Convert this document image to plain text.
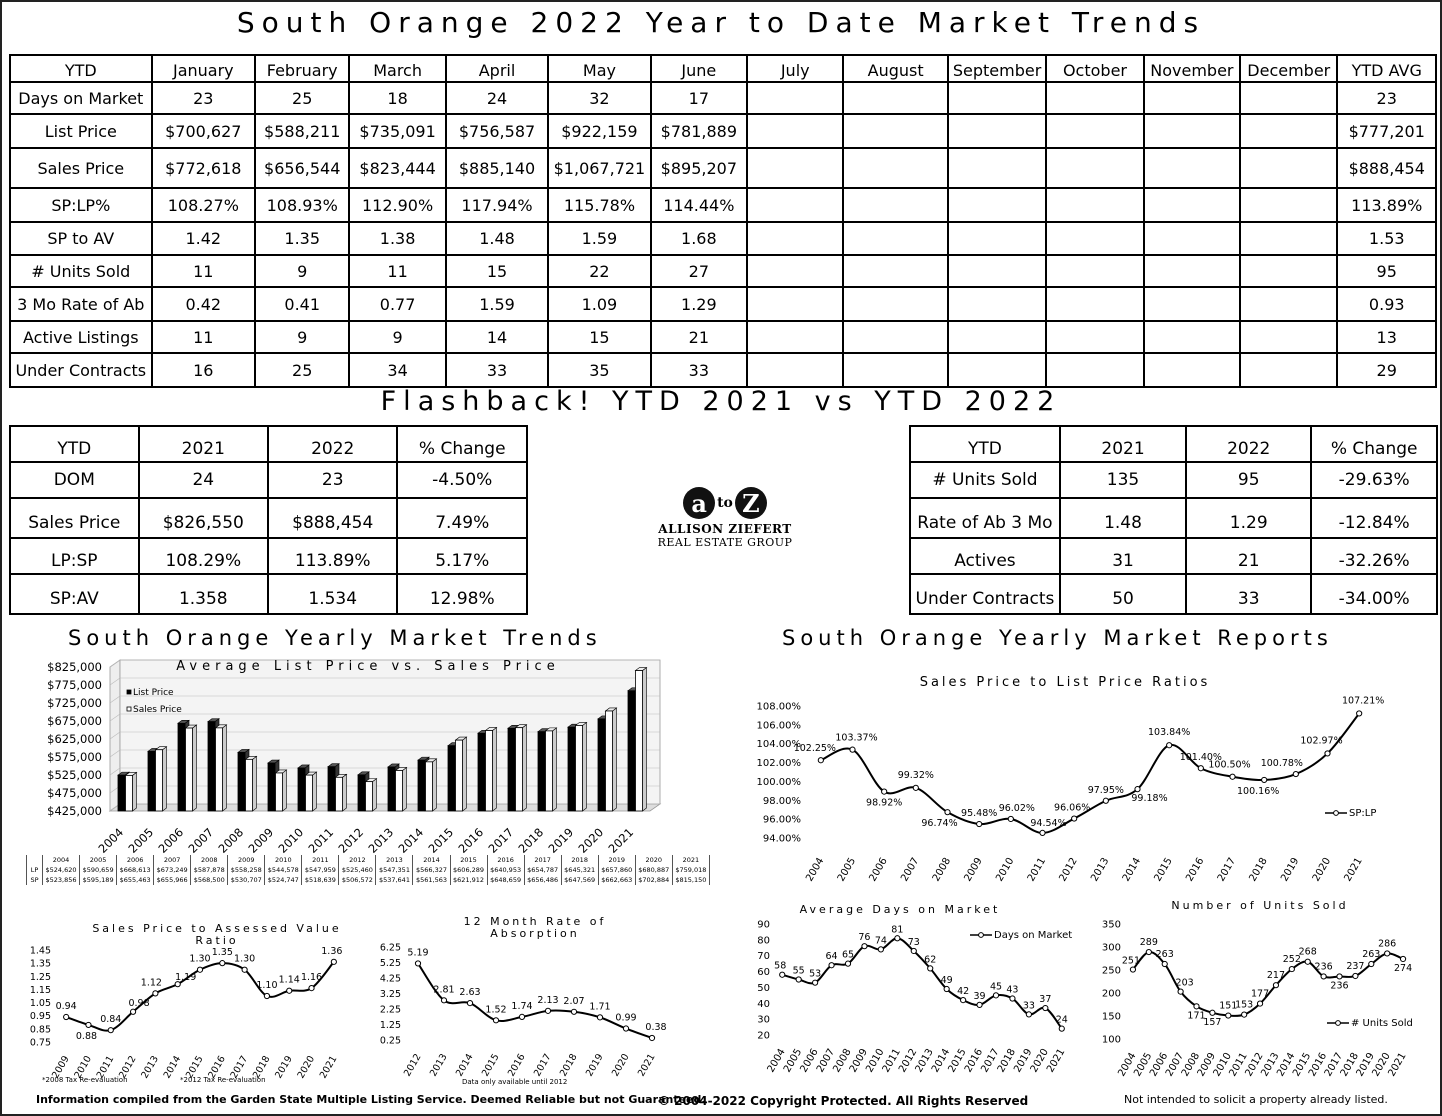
South Orange 2022 Year to Date Market Trends
YTD	January	February	March	April	May	June	July	August	September	October	November	December	YTD AVG
Days on Market	23	25	18	24	32	17							23
List Price	$700,627	$588,211	$735,091	$756,587	$922,159	$781,889							$777,201
Sales Price	$772,618	$656,544	$823,444	$885,140	$1,067,721	$895,207							$888,454
SP:LP%	108.27%	108.93%	112.90%	117.94%	115.78%	114.44%							113.89%
SP to AV	1.42	1.35	1.38	1.48	1.59	1.68							1.53
# Units Sold	11	9	11	15	22	27							95
3 Mo Rate of Ab	0.42	0.41	0.77	1.59	1.09	1.29							0.93
Active Listings	11	9	9	14	15	21							13
Under Contracts	16	25	34	33	35	33							29
Flashback! YTD 2021 vs YTD 2022
YTD	2021	2022	% Change
DOM	24	23	-4.50%
Sales Price	$826,550	$888,454	7.49%
LP:SP	108.29%	113.89%	5.17%
SP:AV	1.358	1.534	12.98%
YTD	2021	2022	% Change
# Units Sold	135	95	-29.63%
Rate of Ab 3 Mo	1.48	1.29	-12.84%
Actives	31	21	-32.26%
Under Contracts	50	33	-34.00%
a to Z
ALLISON ZIEFERT
REAL ESTATE GROUP
South Orange Yearly Market Trends	South Orange Yearly Market Reports
$425,000
$475,000
$525,000
$575,000
$625,000
$675,000
$725,000
$775,000
$825,000	Average List Price vs. Sales Price
List Price
Sales Price
2004 2005 2006 2007 2008 2009 2010 2011 2012 2013 2014 2015 2016 2017 2018 2019 2020 2021
	2004	2005	2006	2007	2008	2009	2010	2011	2012	2013	2014	2015	2016	2017	2018	2019	2020	2021
LP	$524,620	$590,659	$668,613	$673,249	$587,878	$558,258	$544,578	$547,959	$525,460	$547,351	$566,327	$606,289	$640,953	$654,787	$645,321	$657,860	$680,887	$759,018
SP	$523,856	$595,189	$655,463	$655,966	$568,500	$530,707	$524,747	$518,639	$506,572	$537,641	$561,563	$621,912	$648,659	$656,486	$647,569	$662,663	$702,884	$815,150
Sales Price to List Price Ratios
94.00%
96.00%
98.00%
100.00%
102.00%
104.00%
106.00%
108.00%
102.25%
2004
103.37%
2005
98.92%
2006
99.32%
2007
96.74%
2008
95.48%
2009
96.02%
2010
94.54%
2011
96.06%
2012
97.95%
2013
99.18%
2014
103.84%
2015
101.40%
2016
100.50%
2017
100.16%
2018
100.78%
2019
102.97%
2020
107.21%
2021
SP:LP
Sales Price to Assessed Value
Ratio
0.75
0.85
0.95
1.05
1.15
1.25
1.35
1.45
0.94
2009
0.88
2010
0.84
2011
0.98
2012
1.12
2013
1.19
2014
1.30
2015
1.35
2016
1.30
2017
1.10
2018
1.14
2019
1.16
2020
1.36
2021
12 Month Rate of
Absorption
0.25
1.25
2.25
3.25
4.25
5.25
6.25 5.19
2012
2.81
2013
2.63
2014
1.52
2015
1.74
2016
2.13
2017
2.07
2018
1.71
2019
0.99
2020
0.38
2021
Average Days on Market
20
30
40
50
60
70
80
90
58
2004
55
2005
53
2006
64
2007
65
2008
76
2009
74
2010
81
2011
73
2012
62
2013
49
2014
42
2015
39
2016
45
2017
43
2018
33
2019
37
2020
24
2021
Days on Market
Number of Units Sold
100
150
200
250
300
350
251
2004
289
2005
263
2006
203
2007
171
2008
157
2009
151
2010
153
2011
177
2012
217
2013
252
2014
268
2015
236
2016
236
2017
237
2018
263
2019
286
2020
274
2021
# Units Sold
Information compiled from the Garden State Multiple Listing Service. Deemed Reliable but not Guaranteed.
© 2004-2022 Copyright Protected. All Rights Reserved	Not intended to solicit a property already listed.
*2008 Tax Re-evaluation	*2012 Tax Re-evaluation	Data only available until 2012
